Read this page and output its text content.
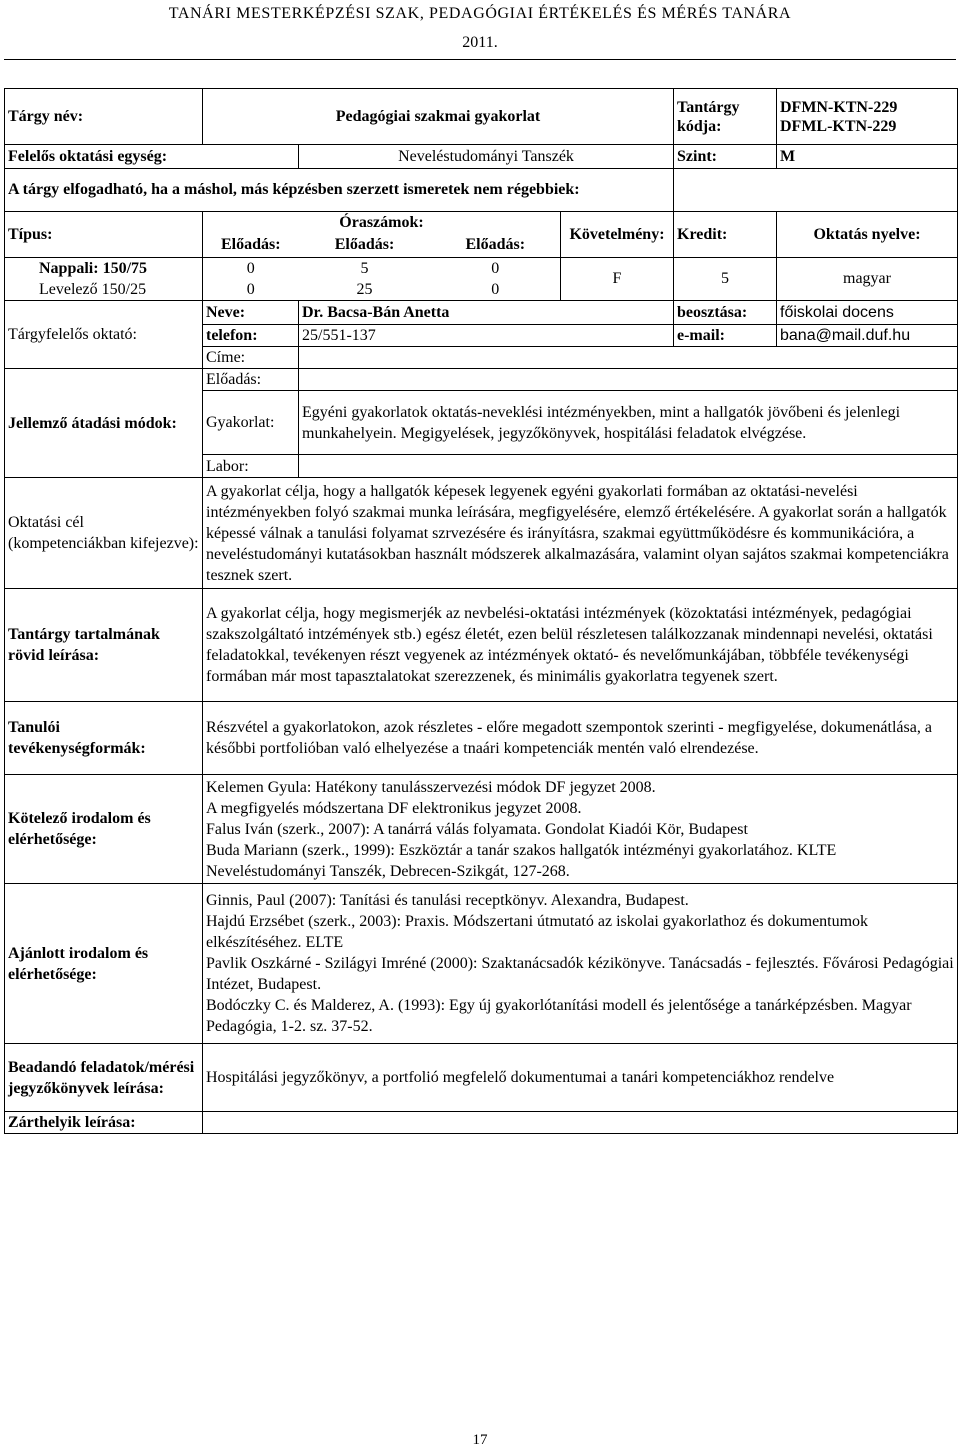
TANÁRI MESTERKÉPZÉSI SZAK, PEDAGÓGIAI ÉRTÉKELÉS ÉS MÉRÉS TANÁRA
2011.
Tárgy név:	Pedagógiai szakmai gyakorlat				Tantárgy kódja:	DFMN-KTN-229
DFML-KTN-229

Felelős oktatási egység:		Neveléstudományi Tanszék			Szint:	M
A tárgy elfogadható, ha a máshol, más képzésben szerzett ismeretek nem régebbiek:						
Típus:	Óraszámok:			Követelmény:	Kredit:	Oktatás nyelve:
	Előadás:	Előadás:	Előadás:			
Nappali: 150/75	0	5	0	F	5	magyar
Levelező 150/25	0	25	0			
Tárgyfelelős oktató:	Neve:	Dr. Bacsa-Bán Anetta			beosztása:	főiskolai docens
	telefon:	25/551-137			e-mail:	bana@mail.duf.hu
	Címe:					
Jellemző átadási módok:	Előadás:					
	Gyakorlat:	Egyéni gyakorlatok oktatás-neveklési intézményekben, mint a hallgatók jövőbeni és jelenlegi munkahelyein. Megigyelések, jegyzőkönyvek, hospitálási feladatok elvégzése.				
	Labor:					
Oktatási cél (kompetenciákban kifejezve):	A gyakorlat célja, hogy a hallgatók képesek legyenek egyéni gyakorlati formában az oktatási-nevelési intézményekben folyó szakmai munka leírására, megfigyelésére, elemző értékelésére. A gyakorlat során a hallgatók képessé válnak a tanulási folyamat szrvezésére és irányításra, szakmai együttműködésre és kommunikációra, a neveléstudományi kutatásokban használt módszerek alkalmazására, valamint olyan sajátos szakmai kompetenciákra tesznek szert.					
Tantárgy tartalmának rövid leírása:	A gyakorlat célja, hogy megismerjék az nevbelési-oktatási intézmények (közoktatási intézmények, pedagógiai szakszolgáltató intzémények stb.) egész életét, ezen belül részletesen találkozzanak mindennapi nevelési, oktatási feladatokkal, tevékenyen részt vegyenek az intézmények oktató- és nevelőmunkájában, többféle tevékenységi formában már most tapasztalatokat szerezzenek, és minimális gyakorlatra tegyenek szert.					
Tanulói tevékenységformák:	Részvétel a gyakorlatokon, azok részletes - előre megadott szempontok szerinti - megfigyelése, dokumenátlása, a későbbi portfolióban való elhelyezése a tnaári kompetenciák mentén való elrendezése.					
Kötelező irodalom és elérhetősége:	Kelemen Gyula: Hatékony tanulásszervezési módok DF jegyzet 2008.
A megfigyelés módszertana DF elektronikus jegyzet 2008.
Falus Iván (szerk., 2007): A tanárrá válás folyamata. Gondolat Kiadói Kör, Budapest
Buda Mariann (szerk., 1999): Eszköztár a tanár szakos hallgatók intézményi gyakorlatához. KLTE Neveléstudományi Tanszék, Debrecen-Szikgát, 127-268.					

Ajánlott irodalom és elérhetősége:	Ginnis, Paul (2007): Tanítási és tanulási receptkönyv. Alexandra, Budapest.
Hajdú Erzsébet (szerk., 2003): Praxis. Módszertani útmutató az iskolai gyakorlathoz és dokumentumok elkészítéséhez. ELTE
Pavlik Oszkárné - Szilágyi Imréné (2000): Szaktanácsadók kézikönyve. Tanácsadás - fejlesztés. Fővárosi Pedagógiai Intézet, Budapest.
Bodóczky C. és Malderez, A. (1993): Egy új gyakorlótanítási modell és jelentősége a tanárképzésben. Magyar Pedagógia, 1-2. sz. 37-52.					

Beadandó feladatok/mérési jegyzőkönyvek leírása:	Hospitálási jegyzőkönyv, a portfolió megfelelő dokumentumai a tanári kompetenciákhoz rendelve					
Zárthelyik leírása:						
17
